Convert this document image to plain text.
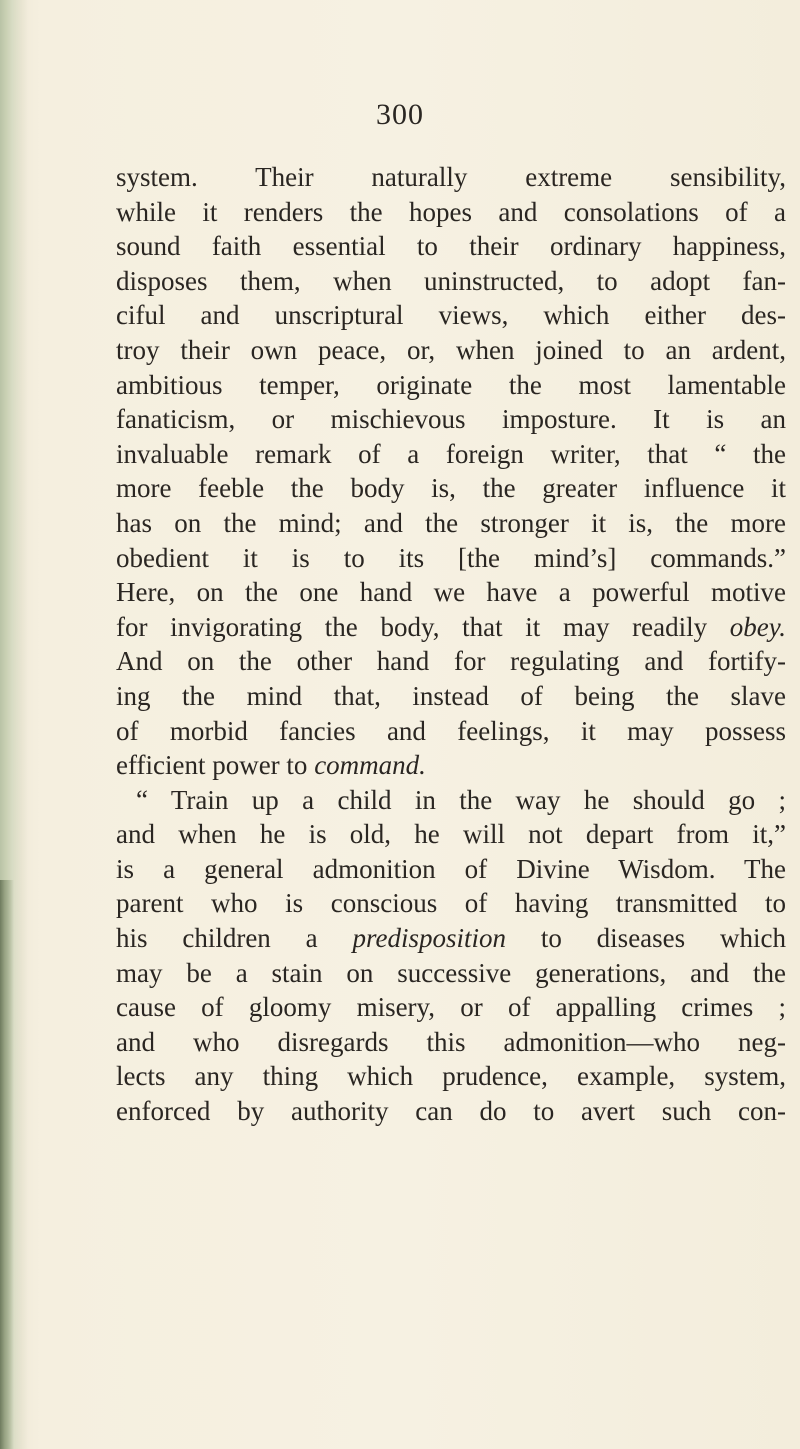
300
system. Their naturally extreme sensibility,
while it renders the hopes and consolations of a
sound faith essential to their ordinary happiness,
disposes them, when uninstructed, to adopt fan-
ciful and unscriptural views, which either des-
troy their own peace, or, when joined to an ardent,
ambitious temper, originate the most lamentable
fanaticism, or mischievous imposture. It is an
invaluable remark of a foreign writer, that “ the
more feeble the body is, the greater influence it
has on the mind; and the stronger it is, the more
obedient it is to its [the mind’s] commands.”
Here, on the one hand we have a powerful motive
for invigorating the body, that it may readily obey.
And on the other hand for regulating and fortify-
ing the mind that, instead of being the slave
of morbid fancies and feelings, it may possess
efficient power to command.
“ Train up a child in the way he should go ;
and when he is old, he will not depart from it,”
is a general admonition of Divine Wisdom. The
parent who is conscious of having transmitted to
his children a predisposition to diseases which
may be a stain on successive generations, and the
cause of gloomy misery, or of appalling crimes ;
and who disregards this admonition—who neg-
lects any thing which prudence, example, system,
enforced by authority can do to avert such con-
